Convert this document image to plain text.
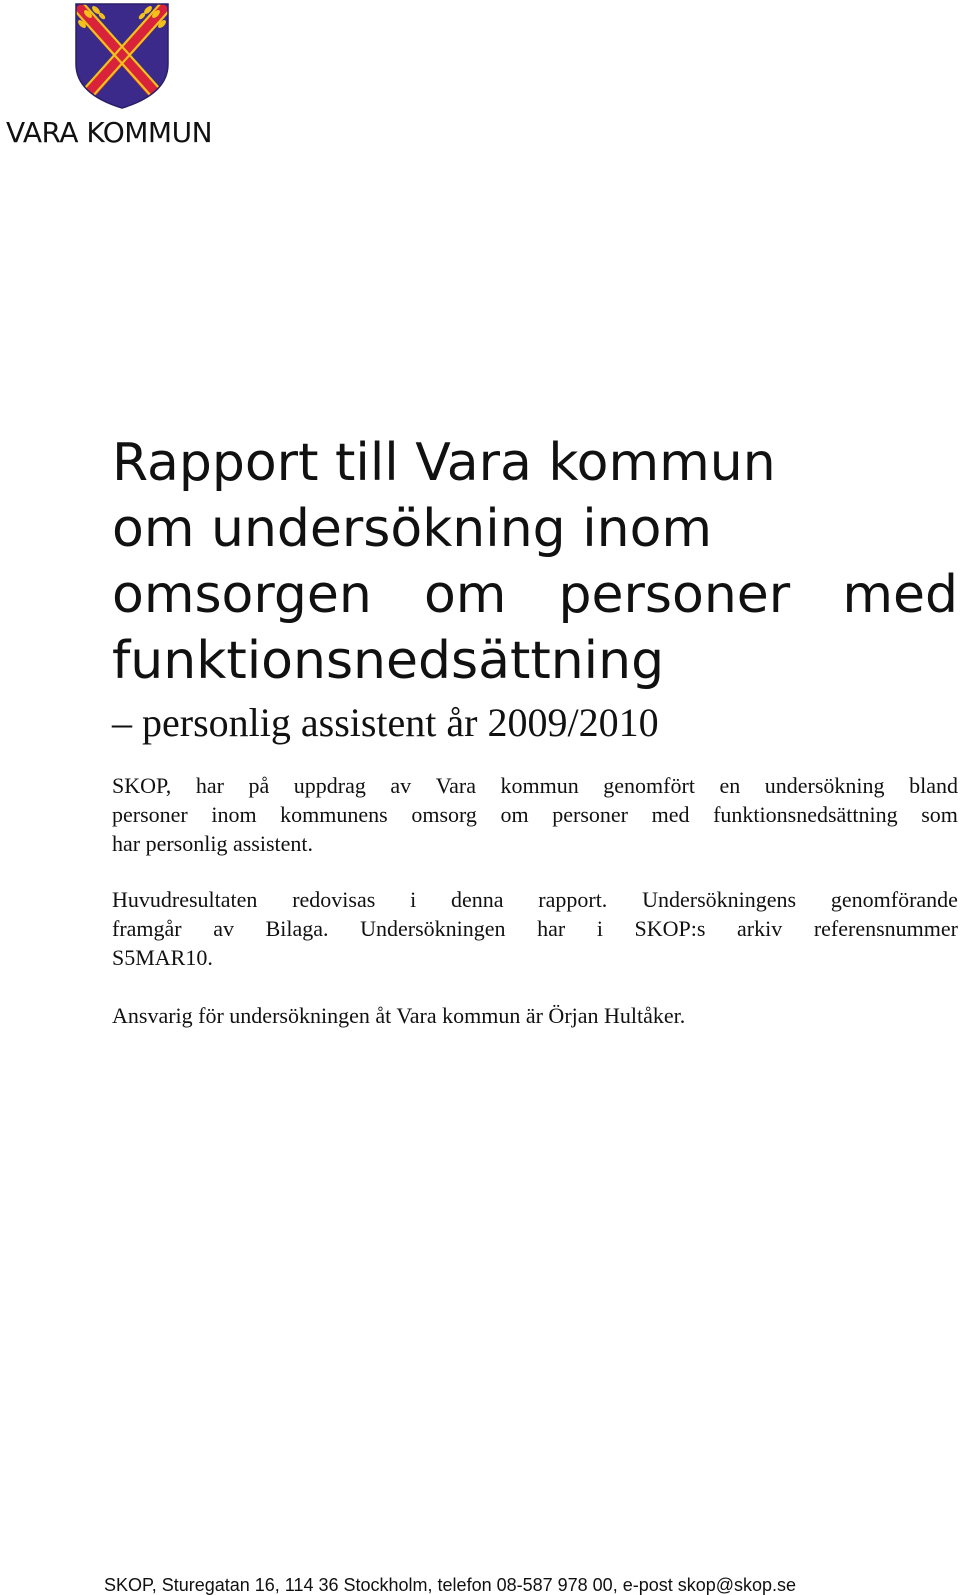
VARA KOMMUN

Rapport till Vara kommun

om undersökning inom

omsorgen om personer med

funktionsnedsättning

– personlig assistent år 2009/2010

SKOP, har på uppdrag av Vara kommun genomfört en undersökning bland
personer inom kommunens omsorg om personer med funktionsnedsättning som
har personlig assistent.
Huvudresultaten redovisas i denna rapport. Undersökningens genomförande
framgår av Bilaga. Undersökningen har i SKOP:s arkiv referensnummer
S5MAR10.

Ansvarig för undersökningen åt Vara kommun är Örjan Hultåker.

SKOP, Sturegatan 16, 114 36 Stockholm, telefon 08-587 978 00, e-post skop@skop.se
